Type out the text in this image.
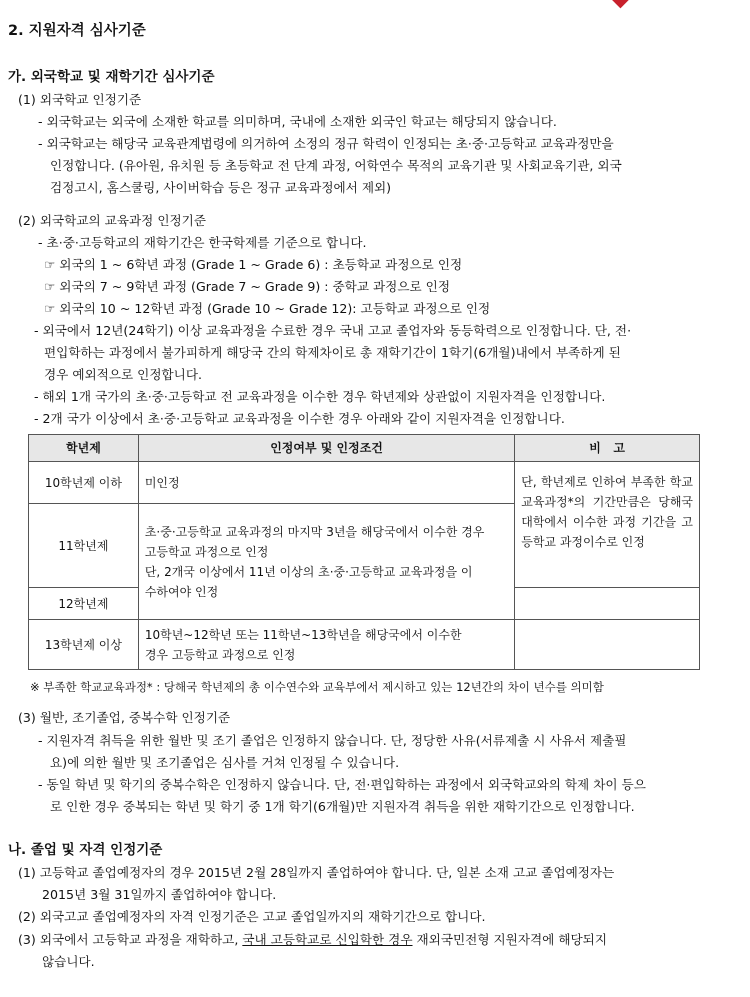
2. 지원자격 심사기준
가. 외국학교 및 재학기간 심사기준
(1) 외국학교 인정기준
- 외국학교는 외국에 소재한 학교를 의미하며, 국내에 소재한 외국인 학교는 해당되지 않습니다.
- 외국학교는 해당국 교육관계법령에 의거하여 소정의 정규 학력이 인정되는 초·중·고등학교 교육과정만을
인정합니다. (유아원, 유치원 등 초등학교 전 단계 과정, 어학연수 목적의 교육기관 및 사회교육기관, 외국
검정고시, 홈스쿨링, 사이버학습 등은 정규 교육과정에서 제외)
(2) 외국학교의 교육과정 인정기준
- 초·중·고등학교의 재학기간은 한국학제를 기준으로 합니다.
☞ 외국의 1 ~ 6학년 과정 (Grade 1 ~ Grade 6) : 초등학교 과정으로 인정
☞ 외국의 7 ~ 9학년 과정 (Grade 7 ~ Grade 9) : 중학교 과정으로 인정
☞ 외국의 10 ~ 12학년 과정 (Grade 10 ~ Grade 12): 고등학교 과정으로 인정
- 외국에서 12년(24학기) 이상 교육과정을 수료한 경우 국내 고교 졸업자와 동등학력으로 인정합니다. 단, 전·
편입학하는 과정에서 불가피하게 해당국 간의 학제차이로 총 재학기간이 1학기(6개월)내에서 부족하게 된
경우 예외적으로 인정합니다.
- 해외 1개 국가의 초·중·고등학교 전 교육과정을 이수한 경우 학년제와 상관없이 지원자격을 인정합니다.
- 2개 국가 이상에서 초·중·고등학교 교육과정을 이수한 경우 아래와 같이 지원자격을 인정합니다.
학년제	인정여부 및 인정조건	비   고
10학년제 이하	미인정	단, 학년제로 인하여 부족한 학교 교육과정*의 기간만큼은 당해국 대학에서 이수한 과정 기간을 고등학교 과정이수로 인정
11학년제	초·중·고등학교 교육과정의 마지막 3년을 해당국에서 이수한 경우
고등학교 과정으로 인정
단, 2개국 이상에서 11년 이상의 초·중·고등학교 교육과정을 이
수하여야 인정	

12학년제		
13학년제 이상	10학년~12학년 또는 11학년~13학년을 해당국에서 이수한
경우 고등학교 과정으로 인정	

※ 부족한 학교교육과정* : 당해국 학년제의 총 이수연수와 교육부에서 제시하고 있는 12년간의 차이 년수를 의미함
(3) 월반, 조기졸업, 중복수학 인정기준
- 지원자격 취득을 위한 월반 및 조기 졸업은 인정하지 않습니다. 단, 정당한 사유(서류제출 시 사유서 제출필
요)에 의한 월반 및 조기졸업은 심사를 거쳐 인정될 수 있습니다.
- 동일 학년 및 학기의 중복수학은 인정하지 않습니다. 단, 전·편입학하는 과정에서 외국학교와의 학제 차이 등으
로 인한 경우 중복되는 학년 및 학기 중 1개 학기(6개월)만 지원자격 취득을 위한 재학기간으로 인정합니다.
나. 졸업 및 자격 인정기준
(1) 고등학교 졸업예정자의 경우 2015년 2월 28일까지 졸업하여야 합니다. 단, 일본 소재 고교 졸업예정자는
2015년 3월 31일까지 졸업하여야 합니다.
(2) 외국고교 졸업예정자의 자격 인정기준은 고교 졸업일까지의 재학기간으로 합니다.
(3) 외국에서 고등학교 과정을 재학하고, 국내 고등학교로 신입학한 경우 재외국민전형 지원자격에 해당되지
않습니다.
